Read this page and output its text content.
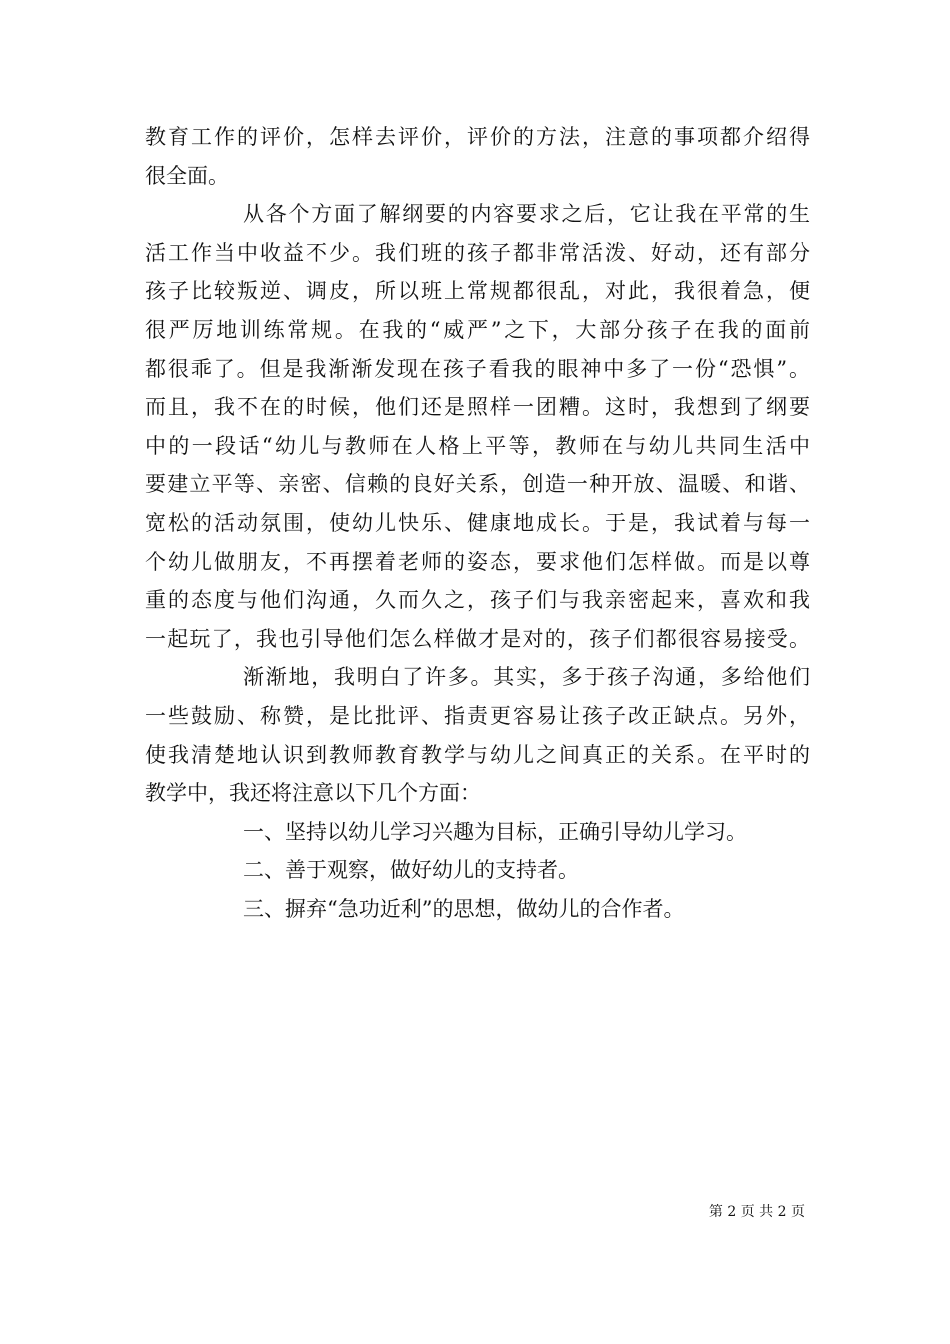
教育工作的评价，怎样去评价，评价的方法，注意的事项都介绍得
很全面。
从各个方面了解纲要的内容要求之后，它让我在平常的生
活工作当中收益不少。我们班的孩子都非常活泼、好动，还有部分
孩子比较叛逆、调皮，所以班上常规都很乱，对此，我很着急，便
很严厉地训练常规。在我的“威严”之下，大部分孩子在我的面前
都很乖了。但是我渐渐发现在孩子看我的眼神中多了一份“恐惧”。
而且，我不在的时候，他们还是照样一团糟。这时，我想到了纲要
中的一段话“幼儿与教师在人格上平等，教师在与幼儿共同生活中
要建立平等、亲密、信赖的良好关系，创造一种开放、温暖、和谐、
宽松的活动氛围，使幼儿快乐、健康地成长。于是，我试着与每一
个幼儿做朋友，不再摆着老师的姿态，要求他们怎样做。而是以尊
重的态度与他们沟通，久而久之，孩子们与我亲密起来，喜欢和我
一起玩了，我也引导他们怎么样做才是对的，孩子们都很容易接受。
渐渐地，我明白了许多。其实，多于孩子沟通，多给他们
一些鼓励、称赞，是比批评、指责更容易让孩子改正缺点。另外，
使我清楚地认识到教师教育教学与幼儿之间真正的关系。在平时的
教学中，我还将注意以下几个方面：
一、坚持以幼儿学习兴趣为目标，正确引导幼儿学习。
二、善于观察，做好幼儿的支持者。
三、摒弃“急功近利”的思想，做幼儿的合作者。
第 2 页 共 2 页
